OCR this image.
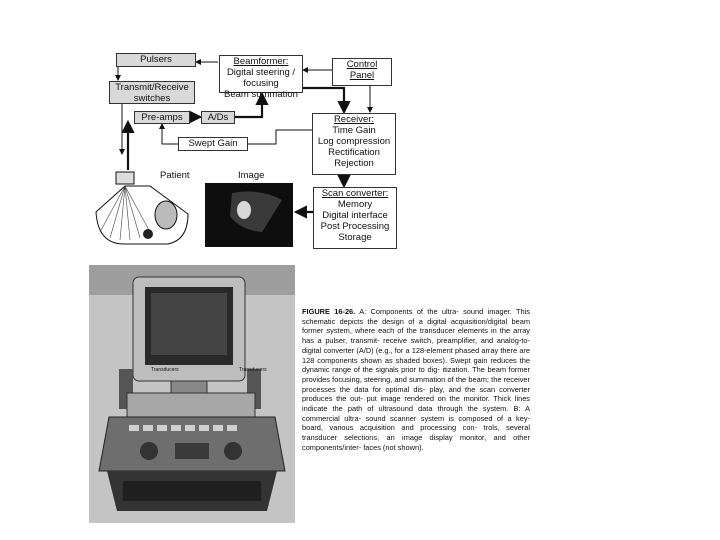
Pulsers
Transmit/Receive
switches
Beamformer:
Digital steering / focusing
Beam summation
Control
Panel
Pre-amps	A/Ds
Swept Gain
Receiver:
Time Gain
Log compression
Rectification
Rejection
Scan converter:
Memory
Digital interface
Post Processing
Storage
Patient	Image
Transducers	Transducers

FIGURE 16-26. A: Components of the ultra- sound imager. This schematic depicts the design of a digital acquisition/digital beam former system, where each of the transducer elements in the array has a pulser, transmit- receive switch, preamplifier, and analog-to- digital converter (A/D) (e.g., for a 128-element phased array there are 128 components shown as shaded boxes). Swept gain reduces the dynamic range of the signals prior to dig- itization. The beam former provides focusing, steering, and summation of the beam; the receiver processes the data for optimal dis- play, and the scan converter produces the out- put image rendered on the monitor. Thick lines indicate the path of ultrasound data through the system. B: A commercial ultra- sound scanner system is composed of a key- board, various acquisition and processing con- trols, several transducer selections, an image display monitor, and other components/inter- faces (not shown).
